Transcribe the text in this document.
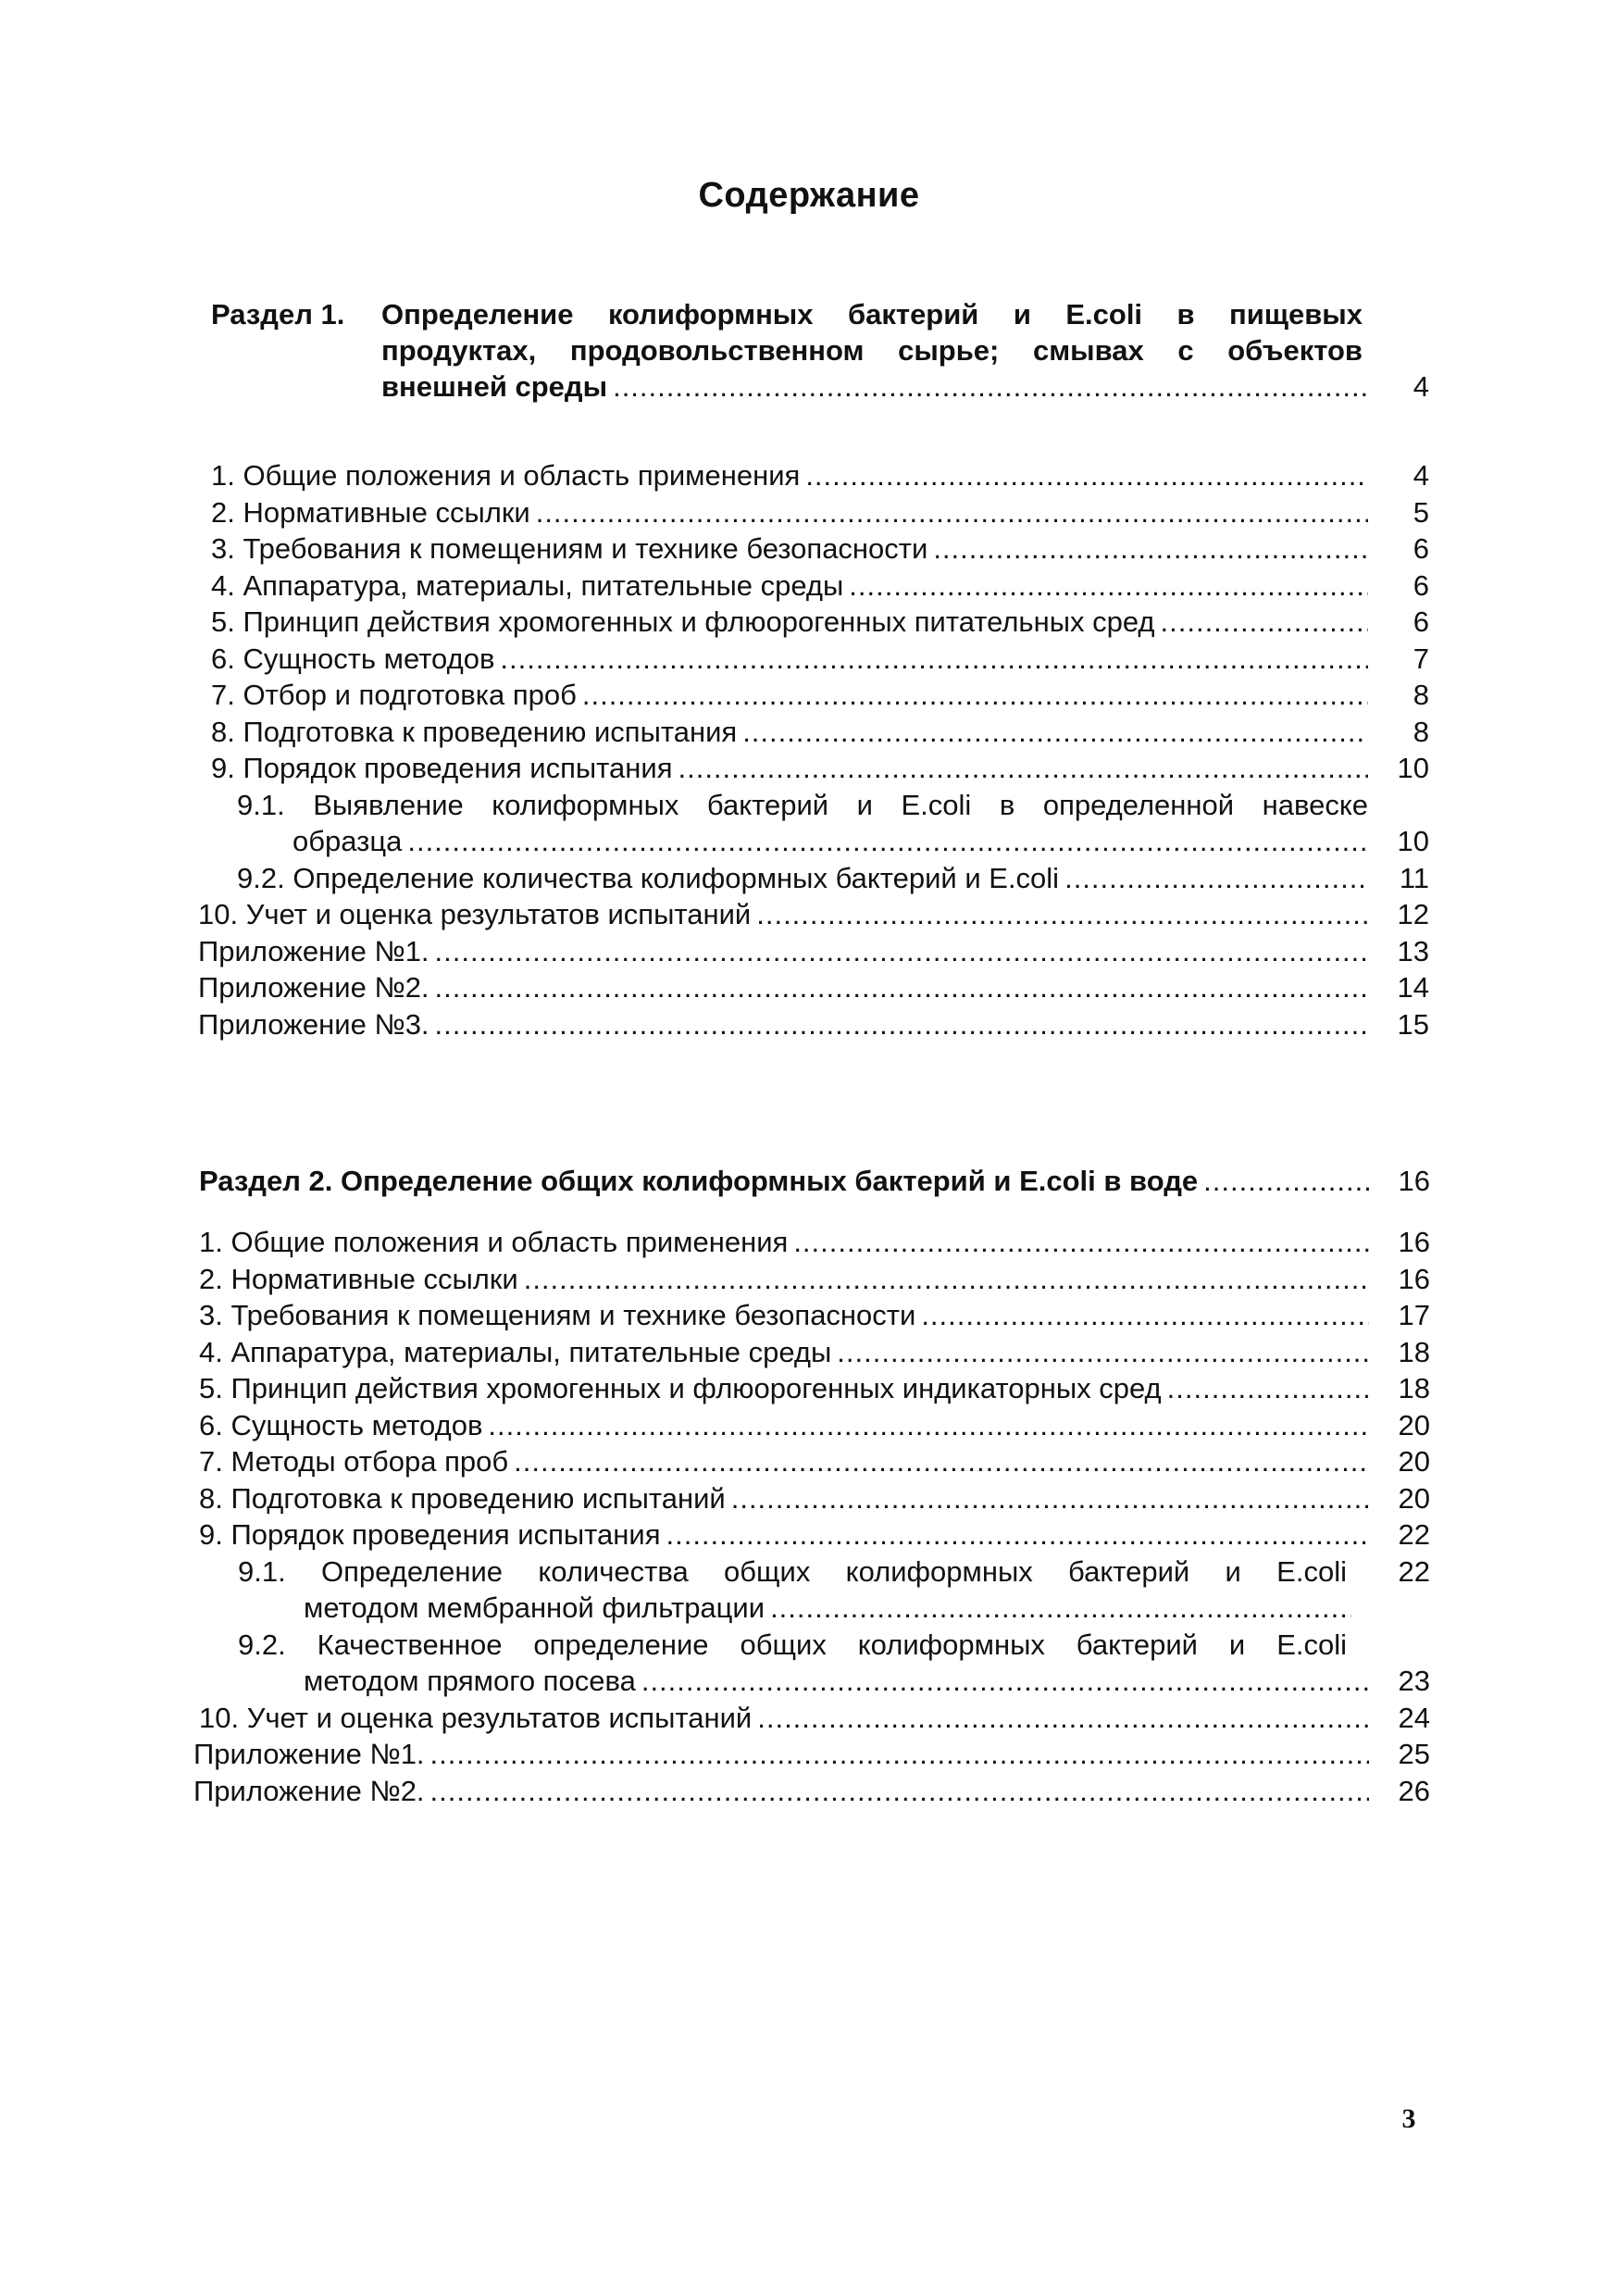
Содержание
Раздел 1.	Определение колиформных бактерий и E.coli в пищевых
продуктах, продовольственном сырье; смывах с объектов
внешней среды .....	4
1. Общие положения и область применения .....	4
2. Нормативные ссылки .....	5
3. Требования к помещениям и технике безопасности .....	6
4. Аппаратура, материалы, питательные среды .....	6
5. Принцип действия хромогенных и флюорогенных питательных сред .....	6
6. Сущность методов .....	7
7. Отбор и подготовка проб .....	8
8. Подготовка к проведению испытания .....	8
9. Порядок проведения испытания .....	10
9.1. Выявление колиформных бактерий и E.coli в определенной навеске
образца .....	10
9.2. Определение количества колиформных бактерий и E.coli .....	11
10. Учет и оценка результатов испытаний .....	12
Приложение №1. .....	13
Приложение №2. .....	14
Приложение №3. .....	15
Раздел 2. Определение общих колиформных бактерий и E.coli в воде .....	16
1. Общие положения и область применения .....	16
2. Нормативные ссылки .....	16
3. Требования к помещениям и технике безопасности .....	17
4. Аппаратура, материалы, питательные среды .....	18
5. Принцип действия хромогенных и флюорогенных индикаторных сред .....	18
6. Сущность методов .....	20
7. Методы отбора проб .....	20
8. Подготовка к проведению испытаний .....	20
9. Порядок проведения испытания .....	22
9.1. Определение количества общих колиформных бактерий и E.coli	22
методом мембранной фильтрации
.....
9.2. Качественное определение общих колиформных бактерий и E.coli
методом прямого посева .....	23
10. Учет и оценка результатов испытаний .....	24
Приложение №1. .....	25
Приложение №2. .....	26
3
